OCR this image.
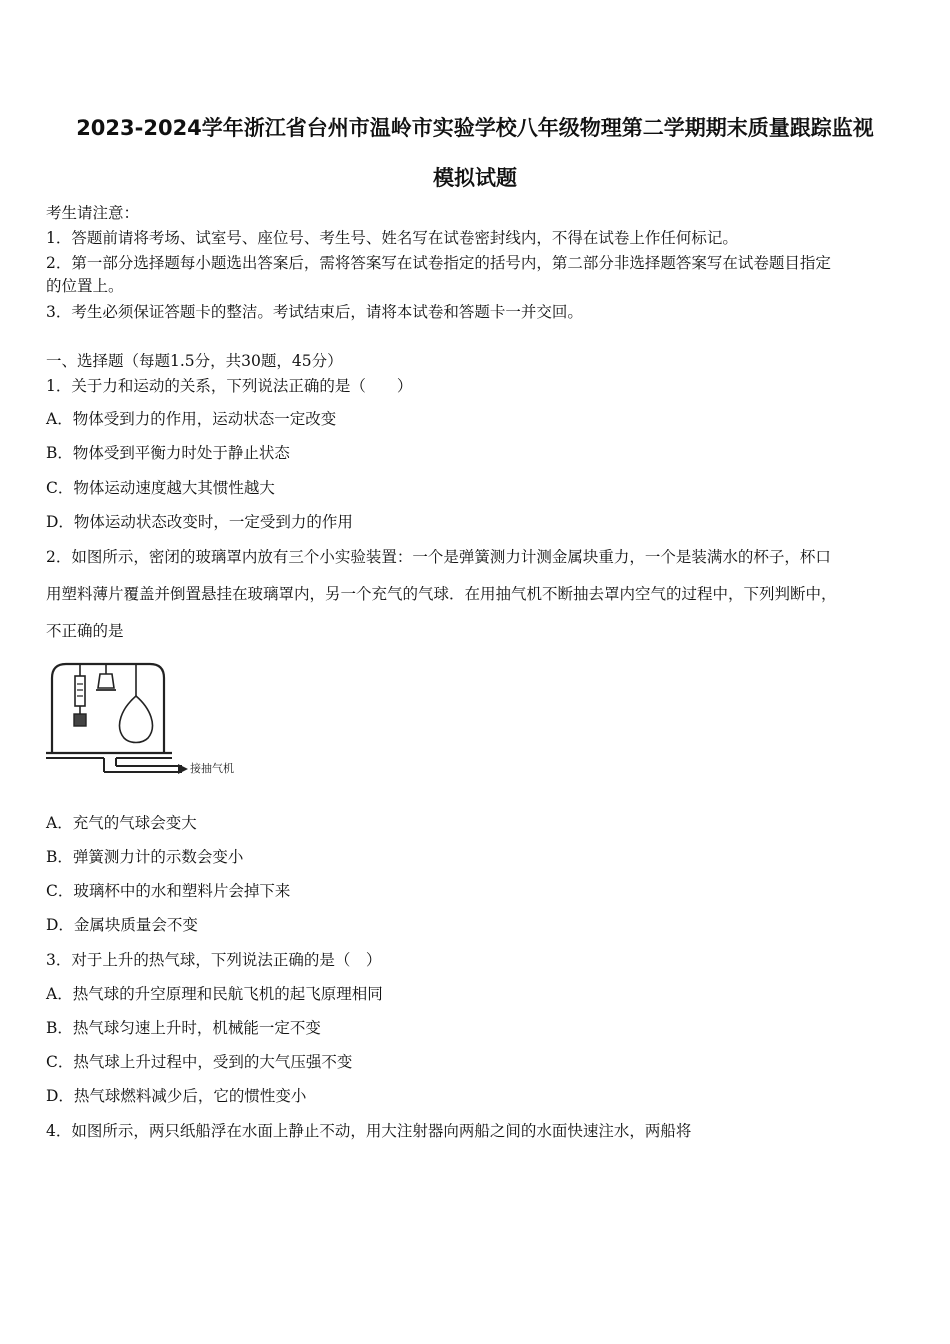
2023-2024学年浙江省台州市温岭市实验学校八年级物理第二学期期末质量跟踪监视
模拟试题
考生请注意：
1．答题前请将考场、试室号、座位号、考生号、姓名写在试卷密封线内，不得在试卷上作任何标记。
2．第一部分选择题每小题选出答案后，需将答案写在试卷指定的括号内，第二部分非选择题答案写在试卷题目指定
的位置上。
3．考生必须保证答题卡的整洁。考试结束后，请将本试卷和答题卡一并交回。
一、选择题（每题1.5分，共30题，45分）
1．关于力和运动的关系，下列说法正确的是（　　）
A．物体受到力的作用，运动状态一定改变
B．物体受到平衡力时处于静止状态
C．物体运动速度越大其惯性越大
D．物体运动状态改变时，一定受到力的作用
2．如图所示，密闭的玻璃罩内放有三个小实验装置：一个是弹簧测力计测金属块重力，一个是装满水的杯子，杯口
用塑料薄片覆盖并倒置悬挂在玻璃罩内，另一个充气的气球．在用抽气机不断抽去罩内空气的过程中，下列判断中，
不正确的是
接抽气机
A．充气的气球会变大
B．弹簧测力计的示数会变小
C．玻璃杯中的水和塑料片会掉下来
D．金属块质量会不变
3．对于上升的热气球，下列说法正确的是（　）
A．热气球的升空原理和民航飞机的起飞原理相同
B．热气球匀速上升时，机械能一定不变
C．热气球上升过程中，受到的大气压强不变
D．热气球燃料减少后，它的惯性变小
4．如图所示，两只纸船浮在水面上静止不动，用大注射器向两船之间的水面快速注水，两船将
